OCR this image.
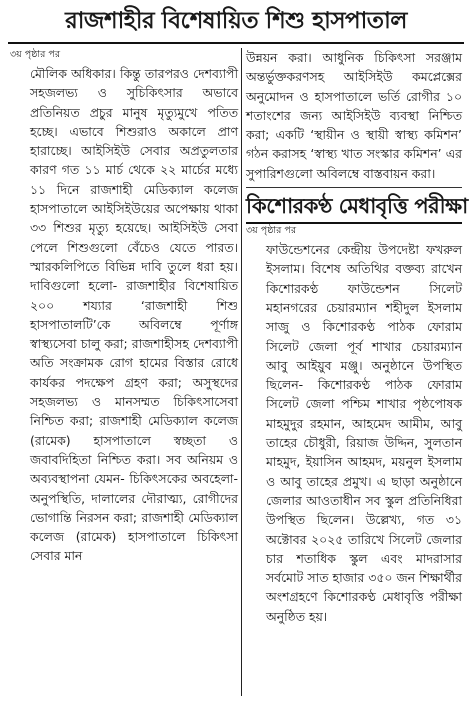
রাজশাহীর বিশেষায়িত শিশু হাসপাতাল
৩য় পৃষ্ঠার পর

মৌলিক অধিকার। কিন্তু তারপরও দেশব্যাপী সহজলভ্য ও সুচিকিৎসার অভাবে প্রতিনিয়ত প্রচুর মানুষ মৃত্যুমুখে পতিত হচ্ছে। এভাবে শিশুরাও অকালে প্রাণ হারাচ্ছে। আইসিইউ সেবার অপ্রতুলতার কারণ গত ১১ মার্চ থেকে ২২ মার্চের মধ্যে ১১ দিনে রাজশাহী মেডিক্যাল কলেজ হাসপাতালে আইসিইউয়ের অপেক্ষায় থাকা ৩৩ শিশুর মৃত্যু হয়েছে। আইসিইউ সেবা পেলে শিশুগুলো বেঁচেও যেতে পারত। স্মারকলিপিতে বিভিন্ন দাবি তুলে ধরা হয়। দাবিগুলো হলো- রাজশাহীর বিশেষায়িত ২০০ শয্যার ‘রাজশাহী শিশু হাসপাতালটি’কে অবিলম্বে পূর্ণাঙ্গ স্বাস্থ্যসেবা চালু করা; রাজশাহীসহ দেশব্যাপী অতি সংক্রামক রোগ হামের বিস্তার রোধে কার্যকর পদক্ষেপ গ্রহণ করা; অসুস্থদের সহজলভ্য ও মানসম্মত চিকিৎসাসেবা নিশ্চিত করা; রাজশাহী মেডিক্যাল কলেজ (রামেক) হাসপাতালে স্বচ্ছতা ও জবাবদিহিতা নিশ্চিত করা। সব অনিয়ম ও অব্যবস্থাপনা যেমন- চিকিৎসকের অবহেলা-অনুপস্থিতি, দালালের দৌরাত্ম্য, রোগীদের ভোগান্তি নিরসন করা; রাজশাহী মেডিক্যাল কলেজ (রামেক) হাসপাতালে চিকিৎসা সেবার মান

উন্নয়ন করা। আধুনিক চিকিৎসা সরঞ্জাম অন্তর্ভুক্তকরণসহ আইসিইউ কমপ্লেক্সের অনুমোদন ও হাসপাতালে ভর্তি রোগীর ১০ শতাংশের জন্য আইসিইউ ব্যবস্থা নিশ্চিত করা; একটি ‘স্থায়ীন ও স্থায়ী স্বাস্থ্য কমিশন’ গঠন করাসহ ‘স্বাস্থ্য খাত সংস্কার কমিশন’ এর সুপারিশগুলো অবিলম্বে বাস্তবায়ন করা।

কিশোরকণ্ঠ মেধাবৃত্তি পরীক্ষা
৩য় পৃষ্ঠার পর

ফাউন্ডেশনের কেন্দ্রীয় উপদেষ্টা ফখরুল ইসলাম। বিশেষ অতিথির বক্তব্য রাখেন কিশোরকণ্ঠ ফাউন্ডেশন সিলেট মহানগরের চেয়ারম্যান শহীদুল ইসলাম সাজু ও কিশোরকণ্ঠ পাঠক ফোরাম সিলেট জেলা পূর্ব শাখার চেয়ারম্যান আবু আইয়ুব মঞ্জু। অনুষ্ঠানে উপস্থিত ছিলেন- কিশোরকণ্ঠ পাঠক ফোরাম সিলেট জেলা পশ্চিম শাখার পৃষ্ঠপোষক মাহমুদুর রহমান, আহমেদ আমীম, আবু তাহের চৌধুরী, রিয়াজ উদ্দিন, সুলতান মাহমুদ, ইয়াসিন আহমদ, ময়নুল ইসলাম ও আবু তাহের প্রমুখ। এ ছাড়া অনুষ্ঠানে জেলার আওতাধীন সব স্কুল প্রতিনিধিরা উপস্থিত ছিলেন। উল্লেখ্য, গত ৩১ অক্টোবর ২০২৫ তারিখে সিলেট জেলার চার শতাধিক স্কুল এবং মাদরাসার সর্বমোট সাত হাজার ৩৫০ জন শিক্ষার্থীর অংশগ্রহণে কিশোরকণ্ঠ মেধাবৃত্তি পরীক্ষা অনুষ্ঠিত হয়।
